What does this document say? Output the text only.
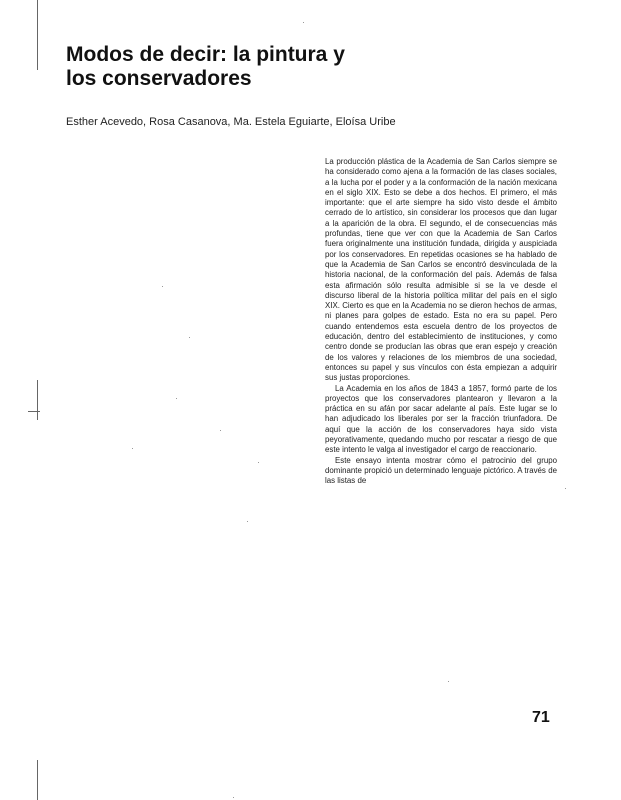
Modos de decir: la pintura y
los conservadores

Esther Acevedo, Rosa Casanova, Ma. Estela Eguiarte, Eloísa Uribe

La producción plástica de la Academia de San Carlos siempre se ha considerado como ajena a la formación de las clases sociales, a la lucha por el poder y a la conformación de la nación mexicana en el siglo XIX. Esto se debe a dos hechos. El primero, el más importante: que el arte siempre ha sido visto desde el ámbito cerrado de lo artístico, sin considerar los procesos que dan lugar a la aparición de la obra. El segundo, el de consecuencias más profundas, tiene que ver con que la Academia de San Carlos fuera originalmente una institución fundada, dirigida y auspiciada por los conservadores. En repetidas ocasiones se ha hablado de que la Academia de San Carlos se encontró desvinculada de la historia nacional, de la conformación del país. Además de falsa esta afirmación sólo resulta admisible si se la ve desde el discurso liberal de la historia política militar del país en el siglo XIX. Cierto es que en la Academia no se dieron hechos de armas, ni planes para golpes de estado. Esta no era su papel. Pero cuando entendemos esta escuela dentro de los proyectos de educación, dentro del establecimiento de instituciones, y como centro donde se producían las obras que eran espejo y creación de los valores y relaciones de los miembros de una sociedad, entonces su papel y sus vínculos con ésta empiezan a adquirir sus justas proporciones.

La Academia en los años de 1843 a 1857, formó parte de los proyectos que los conservadores plantearon y llevaron a la práctica en su afán por sacar adelante al país. Este lugar se lo han adjudicado los liberales por ser la fracción triunfadora. De aquí que la acción de los conservadores haya sido vista peyorativamente, quedando mucho por rescatar a riesgo de que este intento le valga al investigador el cargo de reaccionario.

Este ensayo intenta mostrar cómo el patrocinio del grupo dominante propició un determinado lenguaje pictórico. A través de las listas de

71
